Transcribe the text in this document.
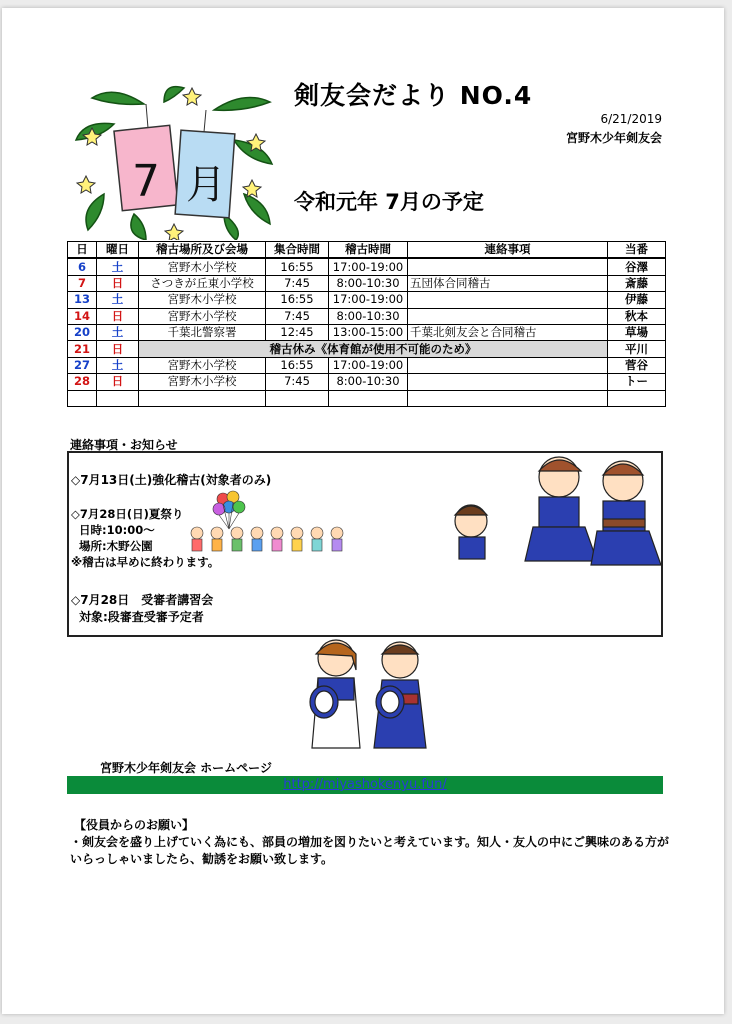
7 月
剣友会だより NO.4
6/21/2019
宮野木少年剣友会
令和元年 7月の予定
日	曜日	稽古場所及び会場	集合時間	稽古時間	連絡事項	当番
6	土	宮野木小学校	16:55	17:00-19:00		谷澤
7	日	さつきが丘東小学校	7:45	8:00-10:30	五団体合同稽古	斎藤
13	土	宮野木小学校	16:55	17:00-19:00		伊藤
14	日	宮野木小学校	7:45	8:00-10:30		秋本
20	土	千葉北警察署	12:45	13:00-15:00	千葉北剣友会と合同稽古	草場
21	日	稽古休み《体育館が使用不可能のため》				平川
27	土	宮野木小学校	16:55	17:00-19:00		菅谷
28	日	宮野木小学校	7:45	8:00-10:30		トー

連絡事項・お知らせ
◇7月13日(土)強化稽古(対象者のみ)
◇7月28日(日)夏祭り
日時:10:00～
場所:木野公園
※稽古は早めに終わります。
◇7月28日　受審者講習会
対象:段審査受審予定者
宮野木少年剣友会 ホームページ
http://miyashokenyu.fun/
【役員からのお願い】
・剣友会を盛り上げていく為にも、部員の増加を図りたいと考えています。知人・友人の中にご興味のある方がいらっしゃいましたら、勧誘をお願い致します。
